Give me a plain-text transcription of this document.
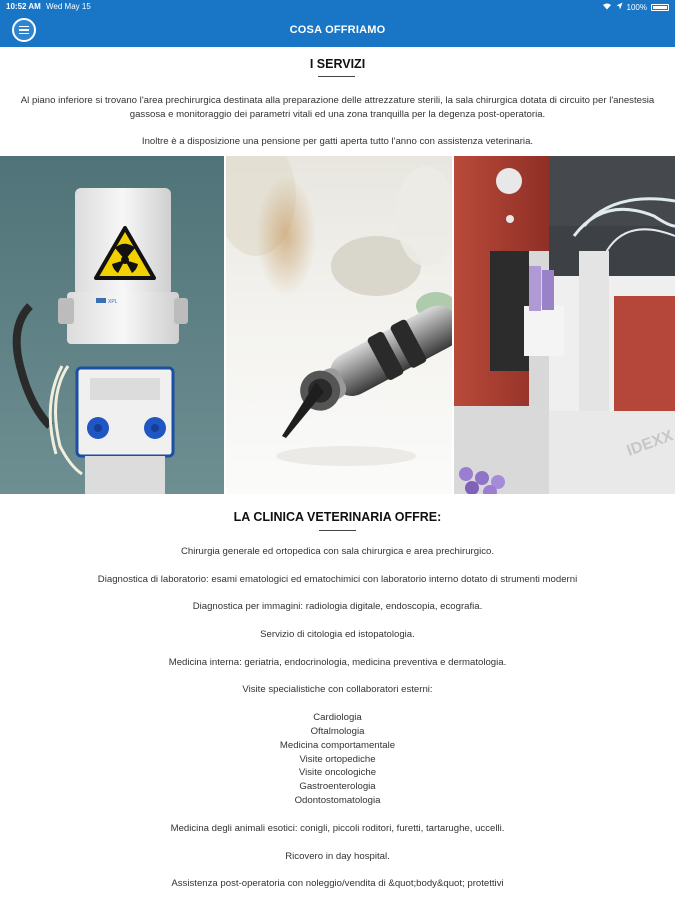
10:52 AM Wed May 15	100%
COSA OFFRIAMO
I SERVIZI
Al piano inferiore si trovano l'area prechirurgica destinata alla preparazione delle attrezzature sterili, la sala chirurgica dotata di circuito per l'anestesia gassosa e monitoraggio dei parametri vitali ed una zona tranquilla per la degenza post-operatoria.
Inoltre è a disposizione una pensione per gatti aperta tutto l'anno con assistenza veterinaria.
XPL
IDEXX
LA CLINICA VETERINARIA OFFRE:
Chirurgia generale ed ortopedica con sala chirurgica e area prechirurgico.
Diagnostica di laboratorio: esami ematologici ed ematochimici con laboratorio interno dotato di strumenti moderni
Diagnostica per immagini: radiologia digitale, endoscopia, ecografia.
Servizio di citologia ed istopatologia.
Medicina interna: geriatria, endocrinologia, medicina preventiva e dermatologia.
Visite specialistiche con collaboratori esterni:
Cardiologia
Oftalmologia
Medicina comportamentale
Visite ortopediche
Visite oncologiche
Gastroenterologia
Odontostomatologia
Medicina degli animali esotici: conigli, piccoli roditori, furetti, tartarughe, uccelli.
Ricovero in day hospital.
Assistenza post-operatoria con noleggio/vendita di &quot;body&quot; protettivi
